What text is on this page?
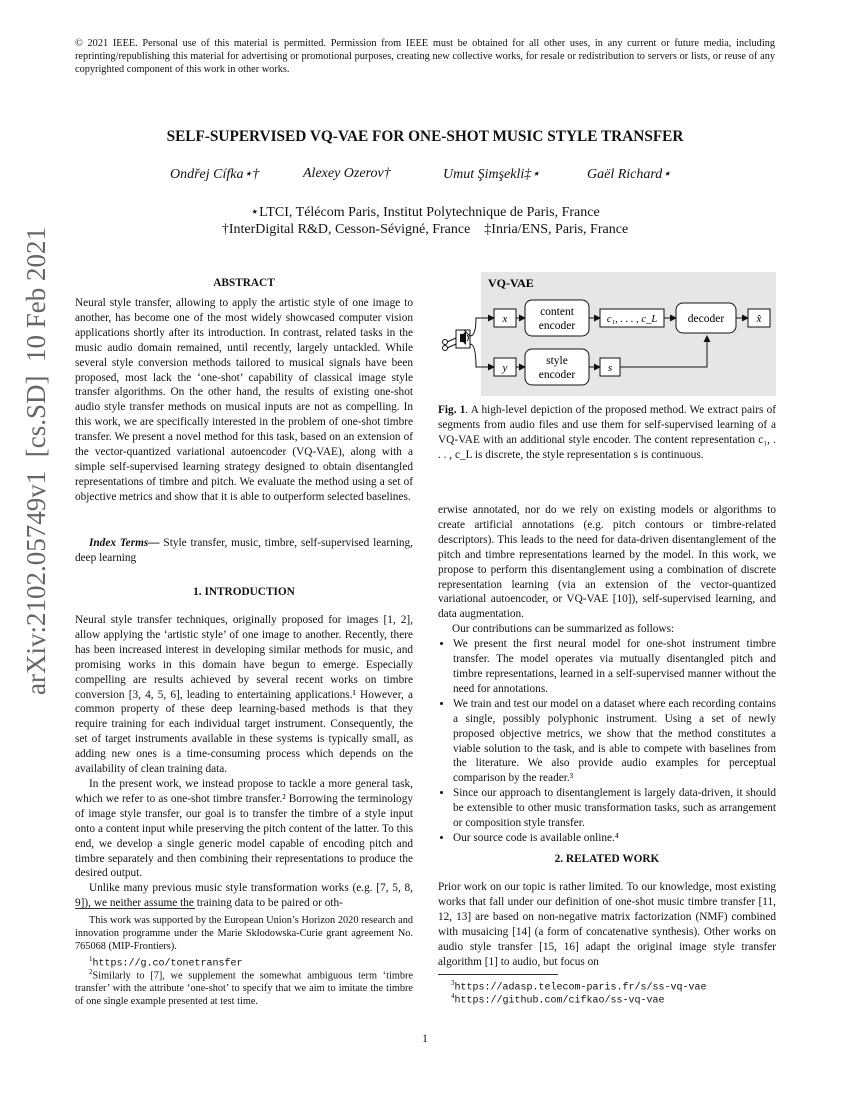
© 2021 IEEE. Personal use of this material is permitted. Permission from IEEE must be obtained for all other uses, in any current or future media, including reprinting/republishing this material for advertising or promotional purposes, creating new collective works, for resale or redistribution to servers or lists, or reuse of any copyrighted component of this work in other works.
arXiv:2102.05749v1  [cs.SD]  10 Feb 2021
SELF-SUPERVISED VQ-VAE FOR ONE-SHOT MUSIC STYLE TRANSFER
Ondřej Cífka⋆†	Alexey Ozerov†	Umut Şimşekli‡⋆	Gaël Richard⋆
⋆LTCI, Télécom Paris, Institut Polytechnique de Paris, France
†InterDigital R&D, Cesson-Sévigné, France    ‡Inria/ENS, Paris, France
ABSTRACT
Neural style transfer, allowing to apply the artistic style of one image to another, has become one of the most widely showcased computer vision applications shortly after its introduction. In contrast, related tasks in the music audio domain remained, until recently, largely untackled. While several style conversion methods tailored to musical signals have been proposed, most lack the ‘one-shot’ capability of classical image style transfer algorithms. On the other hand, the results of existing one-shot audio style transfer methods on musical inputs are not as compelling. In this work, we are specifically interested in the problem of one-shot timbre transfer. We present a novel method for this task, based on an extension of the vector-quantized variational autoencoder (VQ-VAE), along with a simple self-supervised learning strategy designed to obtain disentangled representations of timbre and pitch. We evaluate the method using a set of objective metrics and show that it is able to outperform selected baselines.
Index Terms— Style transfer, music, timbre, self-supervised learning, deep learning
1. INTRODUCTION

Neural style transfer techniques, originally proposed for images [1, 2], allow applying the ‘artistic style’ of one image to another. Recently, there has been increased interest in developing similar methods for music, and promising works in this domain have begun to emerge. Especially compelling are results achieved by several recent works on timbre conversion [3, 4, 5, 6], leading to entertaining applications.¹ However, a common property of these deep learning-based methods is that they require training for each individual target instrument. Consequently, the set of target instruments available in these systems is typically small, as adding new ones is a time-consuming process which depends on the availability of clean training data.

In the present work, we instead propose to tackle a more general task, which we refer to as one-shot timbre transfer.² Borrowing the terminology of image style transfer, our goal is to transfer the timbre of a style input onto a content input while preserving the pitch content of the latter. To this end, we develop a single generic model capable of encoding pitch and timbre separately and then combining their representations to produce the desired output.

Unlike many previous music style transformation works (e.g. [7, 5, 8, 9]), we neither assume the training data to be paired or oth-

This work was supported by the European Union’s Horizon 2020 research and innovation programme under the Marie Skłodowska-Curie grant agreement No. 765068 (MIP-Frontiers).
$^1$https://g.co/tonetransfer
$^2$Similarly to [7], we supplement the somewhat ambiguous term ‘timbre transfer’ with the attribute ‘one-shot’ to specify that we aim to imitate the timbre of one single example presented at test time.
VQ-VAE
x
y
content
encoder
style
encoder
c₁, . . . , c_L
s
decoder	x̂
Fig. 1. A high-level depiction of the proposed method. We extract pairs of segments from audio files and use them for self-supervised learning of a VQ-VAE with an additional style encoder. The content representation c₁, . . . , c_L is discrete, the style representation s is continuous.

erwise annotated, nor do we rely on existing models or algorithms to create artificial annotations (e.g. pitch contours or timbre-related descriptors). This leads to the need for data-driven disentanglement of the pitch and timbre representations learned by the model. In this work, we propose to perform this disentanglement using a combination of discrete representation learning (via an extension of the vector-quantized variational autoencoder, or VQ-VAE [10]), self-supervised learning, and data augmentation.

Our contributions can be summarized as follows:

• We present the first neural model for one-shot instrument timbre transfer. The model operates via mutually disentangled pitch and timbre representations, learned in a self-supervised manner without the need for annotations.
• We train and test our model on a dataset where each recording contains a single, possibly polyphonic instrument. Using a set of newly proposed objective metrics, we show that the method constitutes a viable solution to the task, and is able to compete with baselines from the literature. We also provide audio examples for perceptual comparison by the reader.³
• Since our approach to disentanglement is largely data-driven, it should be extensible to other music transformation tasks, such as arrangement or composition style transfer.
• Our source code is available online.⁴
2. RELATED WORK
Prior work on our topic is rather limited. To our knowledge, most existing works that fall under our definition of one-shot music timbre transfer [11, 12, 13] are based on non-negative matrix factorization (NMF) combined with musaicing [14] (a form of concatenative synthesis). Other works on audio style transfer [15, 16] adapt the original image style transfer algorithm [1] to audio, but focus on
$^3$https://adasp.telecom-paris.fr/s/ss-vq-vae
$^4$https://github.com/cifkao/ss-vq-vae
1
